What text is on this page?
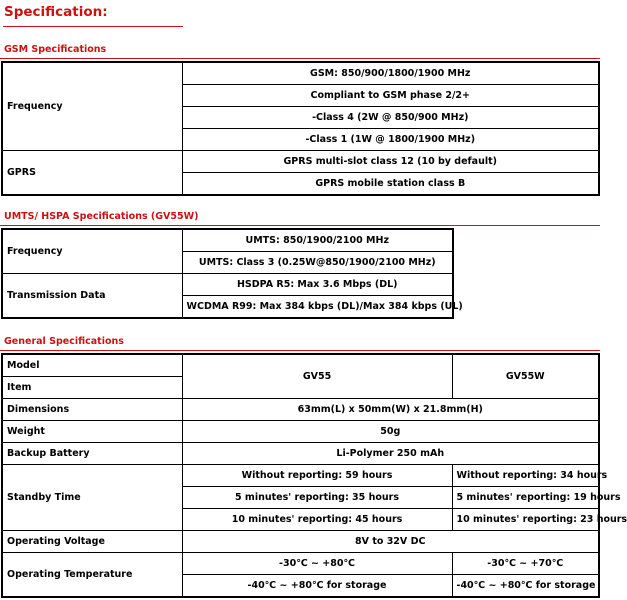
Specification:
GSM Specifications
Frequency	GSM: 850/900/1800/1900 MHz
	Compliant to GSM phase 2/2+
	-Class 4 (2W @ 850/900 MHz)
	-Class 1 (1W @ 1800/1900 MHz)
GPRS	GPRS multi-slot class 12 (10 by default)
	GPRS mobile station class B
UMTS/ HSPA Specifications (GV55W)
Frequency	UMTS: 850/1900/2100 MHz
	UMTS: Class 3 (0.25W@850/1900/2100 MHz)
Transmission Data	HSDPA R5: Max 3.6 Mbps (DL)
	WCDMA R99: Max 384 kbps (DL)/Max 384 kbps (UL)
General Specifications
Model	GV55	GV55W
Item		
Dimensions	63mm(L) x 50mm(W) x 21.8mm(H)	
Weight	50g	
Backup Battery	Li-Polymer 250 mAh	
Standby Time	Without reporting: 59 hours	Without reporting: 34 hours
	5 minutes' reporting: 35 hours	5 minutes' reporting: 19 hours
	10 minutes' reporting: 45 hours	10 minutes' reporting: 23 hours
Operating Voltage	8V to 32V DC	
Operating Temperature	-30℃ ~ +80℃	-30℃ ~ +70℃
	-40℃ ~ +80℃ for storage	-40℃ ~ +80℃ for storage
